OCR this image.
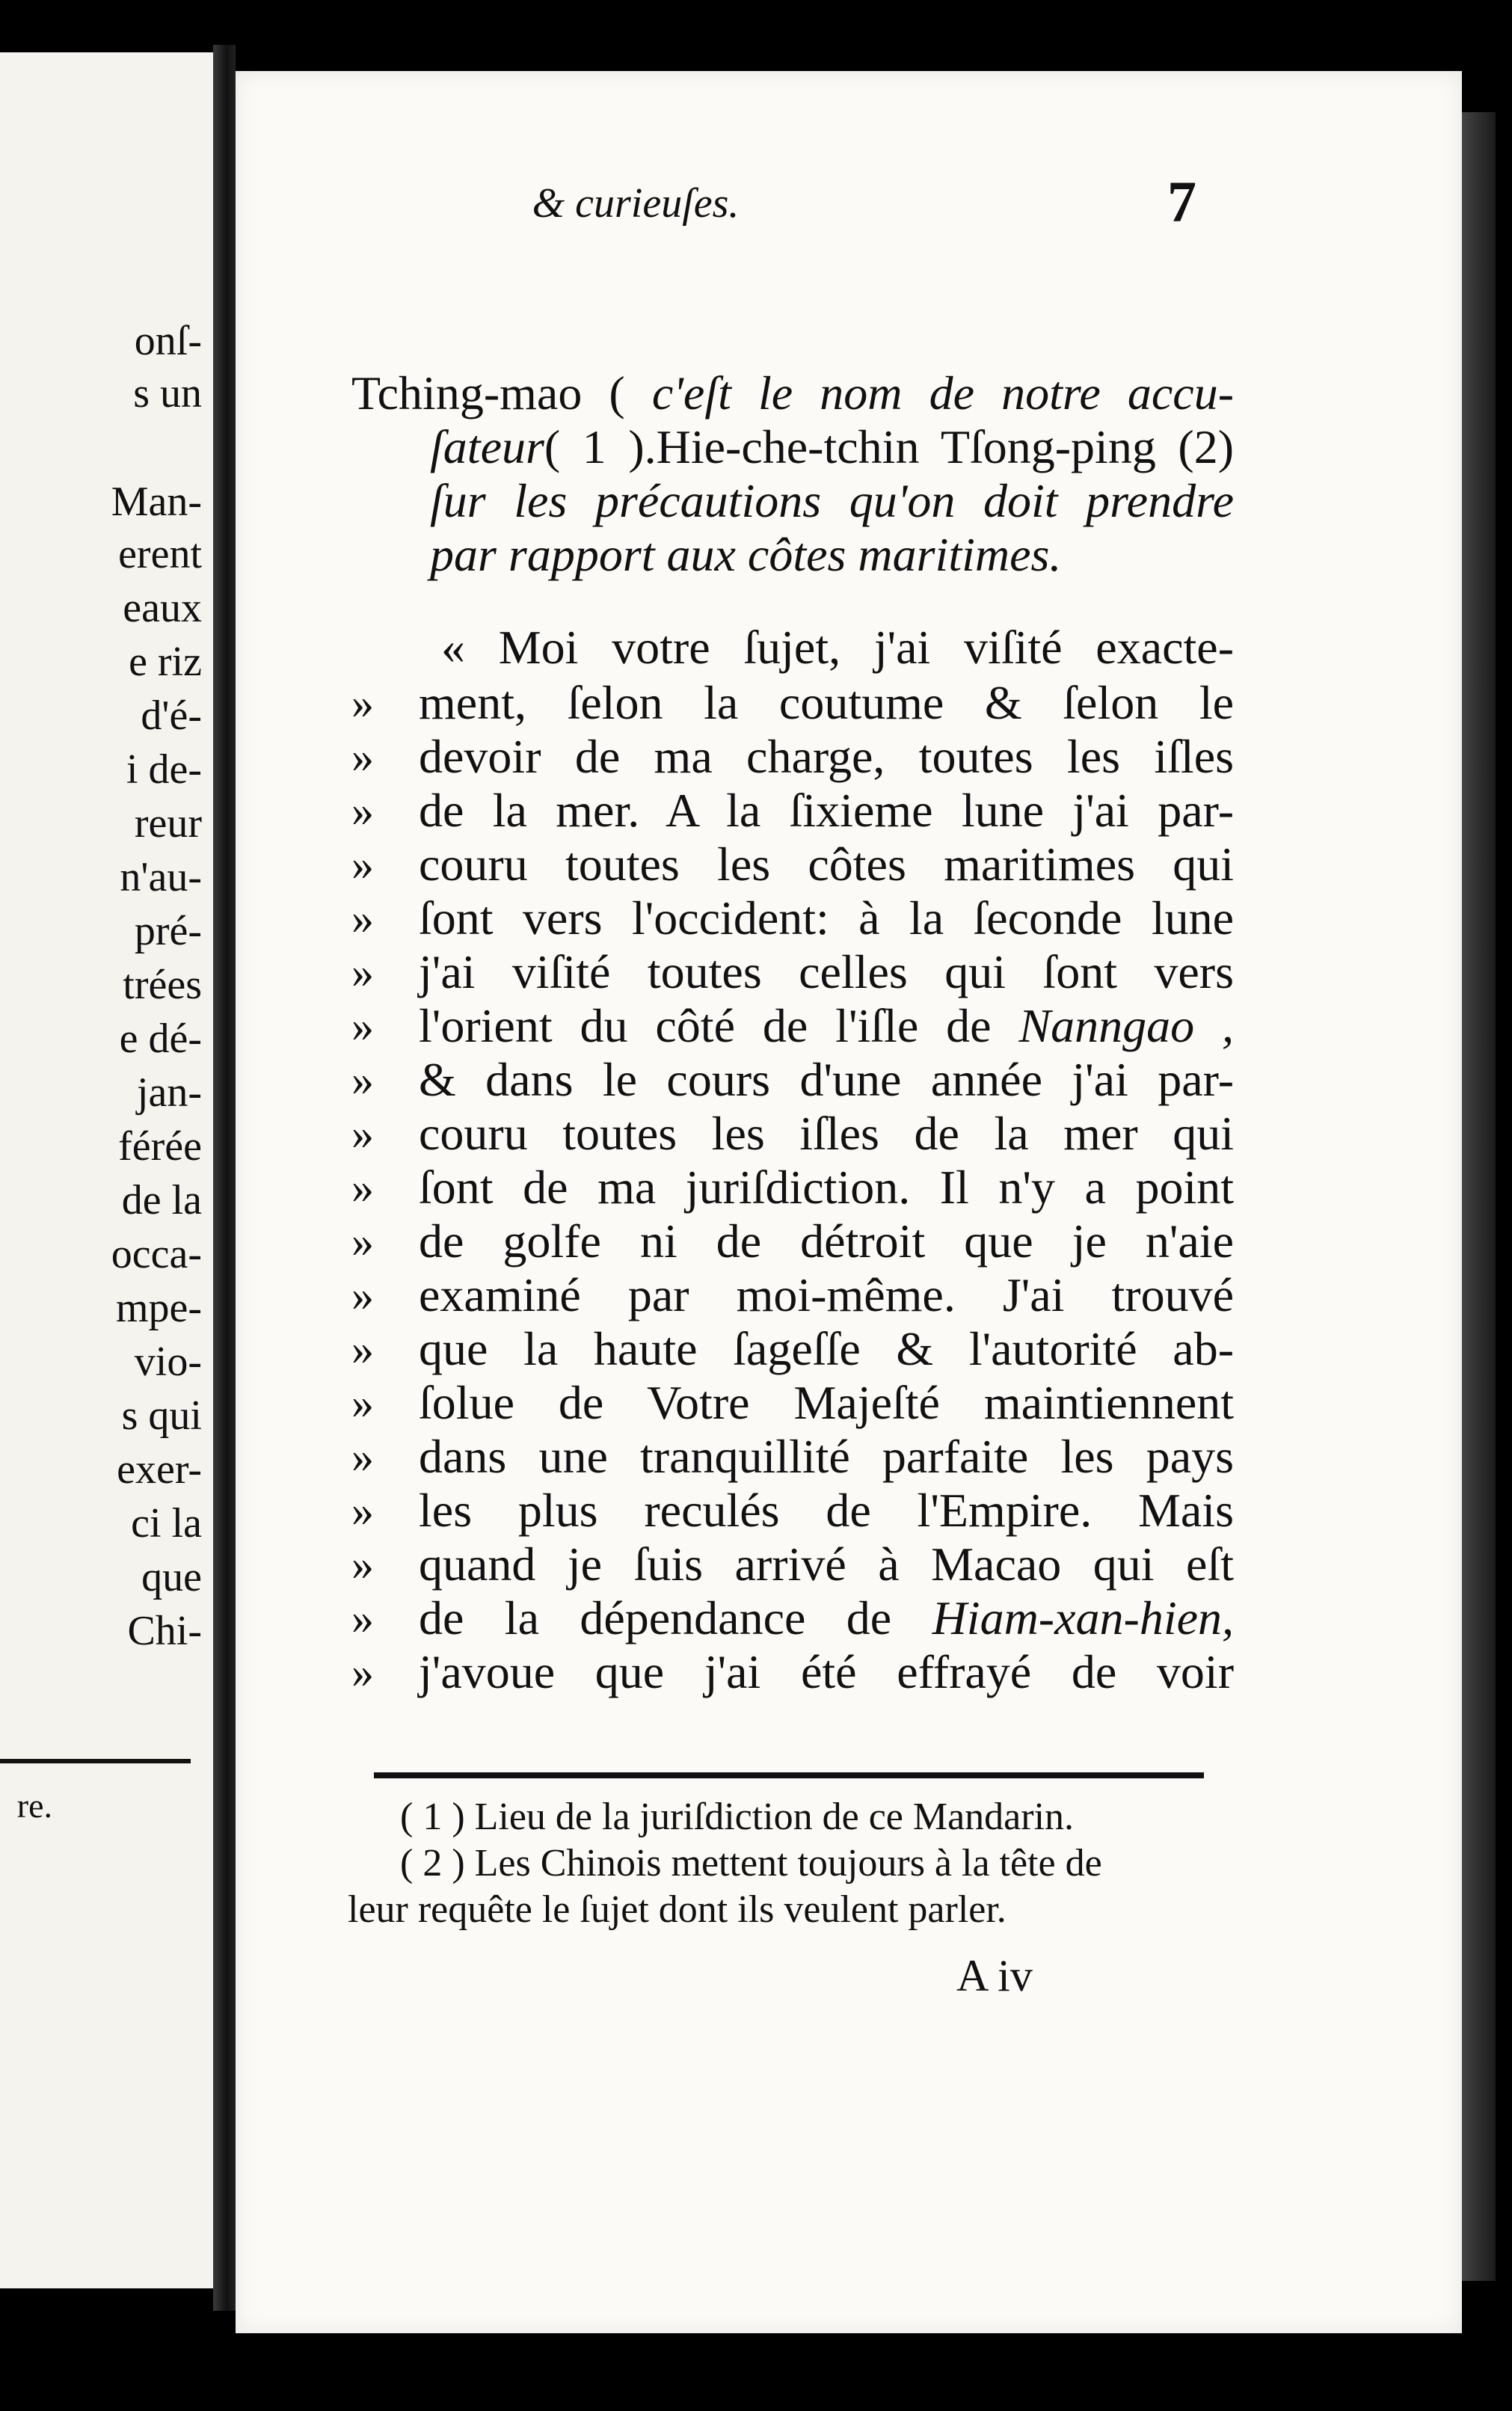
onſ-
s un
Man-
erent
eaux
e riz
d'é-
i de-
reur
n'au-
pré-
trées
e dé-
jan-
férée
de la
occa-
mpe-
vio-
s qui
exer-
ci la
que
Chi-
re.
& curieuſes.	7
Tching-mao ( c'eſt le nom de notre accu-
ſateur( 1 ).Hie-che-tchin Tſong-ping (2)
ſur les précautions qu'on doit prendre
par rapport aux côtes maritimes.
« Moi votre ſujet, j'ai viſité exacte-
» ment, ſelon la coutume & ſelon le
» devoir de ma charge, toutes les iſles
» de la mer. A la ſixieme lune j'ai par-
» couru toutes les côtes maritimes qui
» ſont vers l'occident: à la ſeconde lune
» j'ai viſité toutes celles qui ſont vers
» l'orient du côté de l'iſle de Nanngao ,
» & dans le cours d'une année j'ai par-
» couru toutes les iſles de la mer qui
» ſont de ma juriſdiction. Il n'y a point
» de golfe ni de détroit que je n'aie
» examiné par moi-même. J'ai trouvé
» que la haute ſageſſe & l'autorité ab-
» ſolue de Votre Majeſté maintiennent
» dans une tranquillité parfaite les pays
» les plus reculés de l'Empire. Mais
» quand je ſuis arrivé à Macao qui eſt
» de la dépendance de Hiam-xan-hien,
» j'avoue que j'ai été effrayé de voir
( 1 ) Lieu de la juriſdiction de ce Mandarin.
( 2 ) Les Chinois mettent toujours à la tête de
leur requête le ſujet dont ils veulent parler.
A iv
